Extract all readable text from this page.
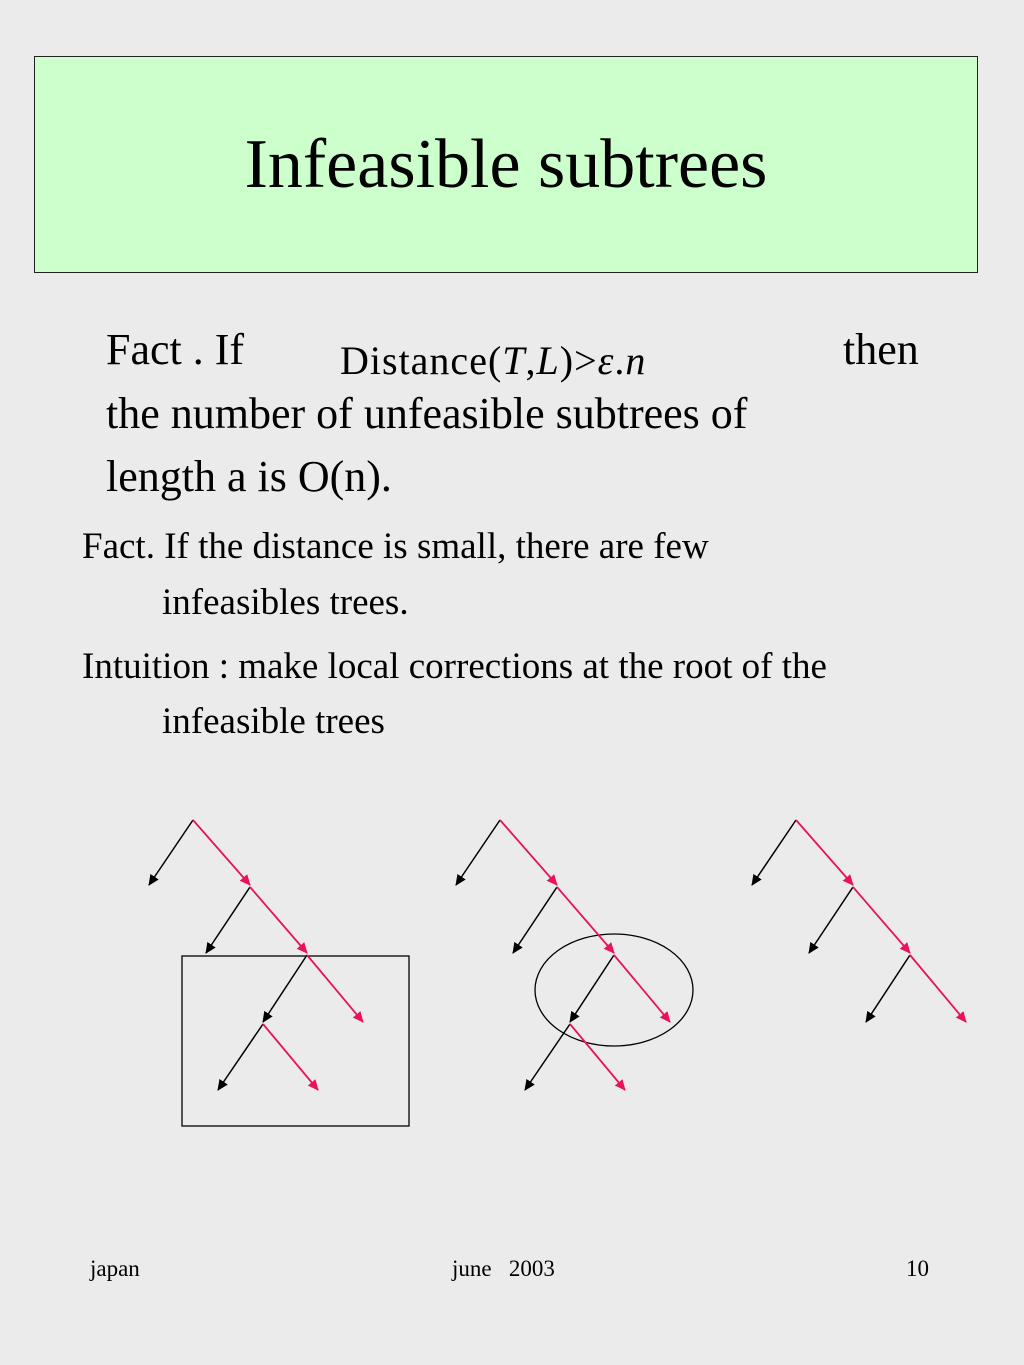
Infeasible subtrees
Fact . If Distance(T,L)>ε.n	then
the number of unfeasible subtrees of
length a is O(n).
Fact. If the distance is small, there are few
infeasibles trees.
Intuition : make local corrections at the root of the
infeasible trees
japan	june   2003	10
